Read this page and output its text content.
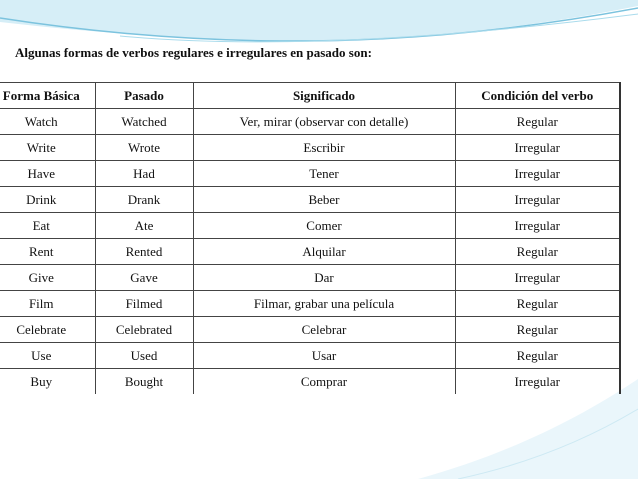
Algunas formas de verbos regulares e irregulares en pasado son:
Forma Básica	Pasado	Significado	Condición del verbo
Watch	Watched	Ver, mirar (observar con detalle)	Regular
Write	Wrote	Escribir	Irregular
Have	Had	Tener	Irregular
Drink	Drank	Beber	Irregular
Eat	Ate	Comer	Irregular
Rent	Rented	Alquilar	Regular
Give	Gave	Dar	Irregular
Film	Filmed	Filmar, grabar una película	Regular
Celebrate	Celebrated	Celebrar	Regular
Use	Used	Usar	Regular
Buy	Bought	Comprar	Irregular
